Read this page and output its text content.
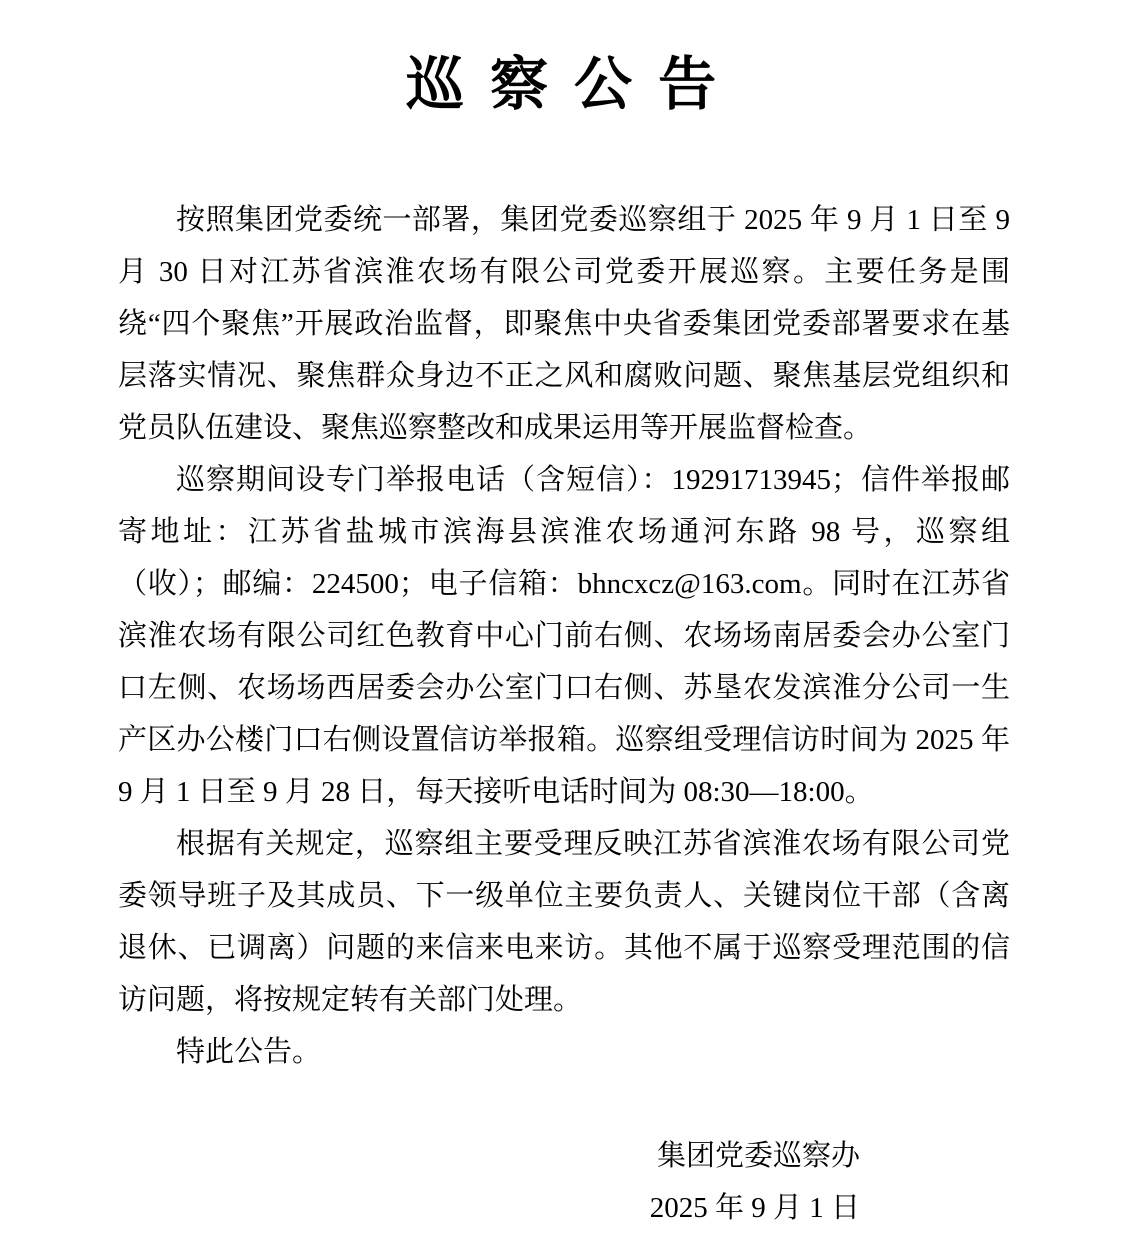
巡察公告

按照集团党委统一部署，集团党委巡察组于 2025 年 9 月 1 日至 9 月 30 日对江苏省滨淮农场有限公司党委开展巡察。主要任务是围绕“四个聚焦”开展政治监督，即聚焦中央省委集团党委部署要求在基层落实情况、聚焦群众身边不正之风和腐败问题、聚焦基层党组织和党员队伍建设、聚焦巡察整改和成果运用等开展监督检查。

巡察期间设专门举报电话（含短信）：19291713945；信件举报邮寄地址：江苏省盐城市滨海县滨淮农场通河东路 98 号，巡察组（收）；邮编：224500；电子信箱：bhncxcz@163.com。同时在江苏省滨淮农场有限公司红色教育中心门前右侧、农场场南居委会办公室门口左侧、农场场西居委会办公室门口右侧、苏垦农发滨淮分公司一生产区办公楼门口右侧设置信访举报箱。巡察组受理信访时间为 2025 年 9 月 1 日至 9 月 28 日，每天接听电话时间为 08:30—18:00。

根据有关规定，巡察组主要受理反映江苏省滨淮农场有限公司党委领导班子及其成员、下一级单位主要负责人、关键岗位干部（含离退休、已调离）问题的来信来电来访。其他不属于巡察受理范围的信访问题，将按规定转有关部门处理。

特此公告。

集团党委巡察办

2025 年 9 月 1 日
